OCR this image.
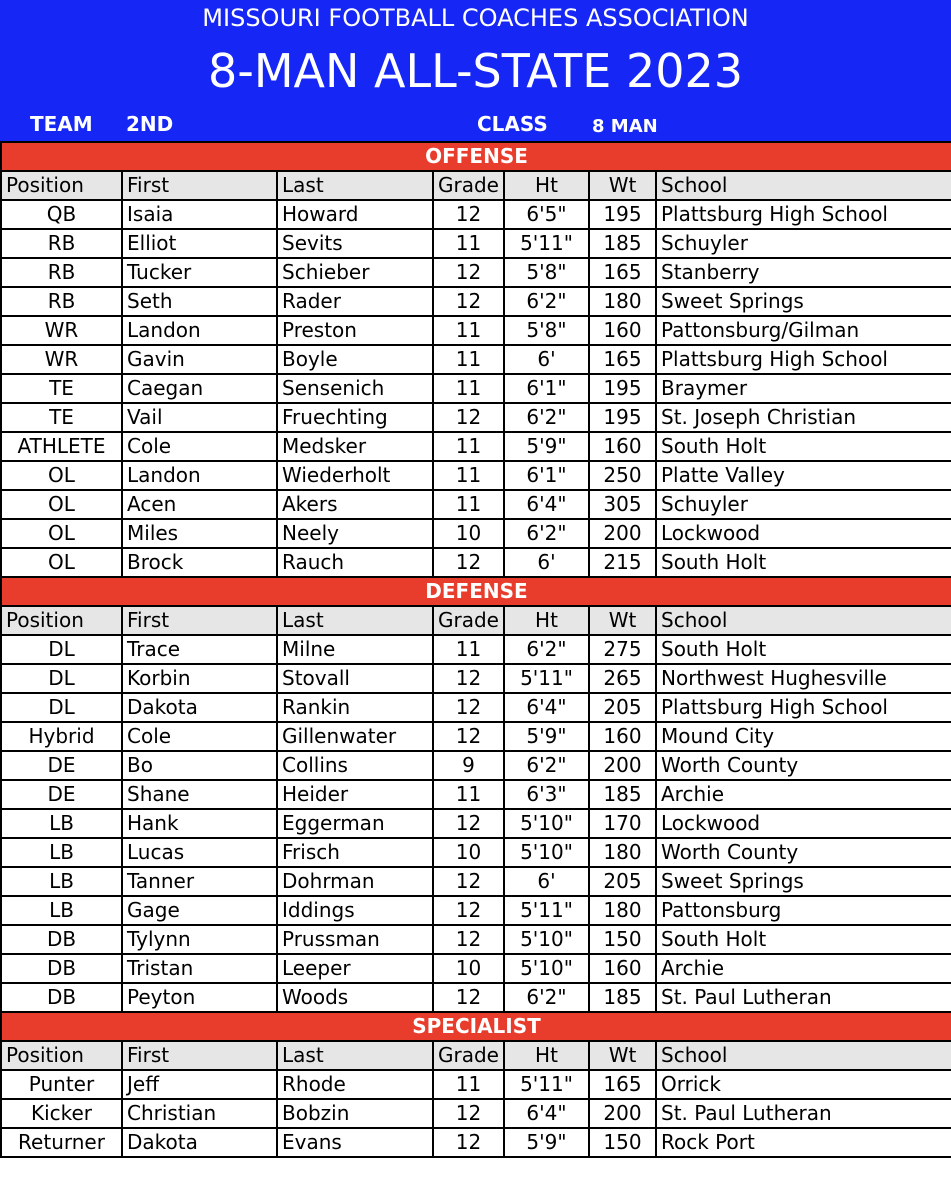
MISSOURI FOOTBALL COACHES ASSOCIATION
8-MAN ALL-STATE 2023
TEAM 2ND	CLASS 8 MAN
OFFENSE						
Position	First	Last	Grade	Ht	Wt	School
QB	Isaia	Howard	12	6'5"	195	Plattsburg High School
RB	Elliot	Sevits	11	5'11"	185	Schuyler
RB	Tucker	Schieber	12	5'8"	165	Stanberry
RB	Seth	Rader	12	6'2"	180	Sweet Springs
WR	Landon	Preston	11	5'8"	160	Pattonsburg/Gilman
WR	Gavin	Boyle	11	6'	165	Plattsburg High School
TE	Caegan	Sensenich	11	6'1"	195	Braymer
TE	Vail	Fruechting	12	6'2"	195	St. Joseph Christian
ATHLETE	Cole	Medsker	11	5'9"	160	South Holt
OL	Landon	Wiederholt	11	6'1"	250	Platte Valley
OL	Acen	Akers	11	6'4"	305	Schuyler
OL	Miles	Neely	10	6'2"	200	Lockwood
OL	Brock	Rauch	12	6'	215	South Holt
DEFENSE						
Position	First	Last	Grade	Ht	Wt	School
DL	Trace	Milne	11	6'2"	275	South Holt
DL	Korbin	Stovall	12	5'11"	265	Northwest Hughesville
DL	Dakota	Rankin	12	6'4"	205	Plattsburg High School
Hybrid	Cole	Gillenwater	12	5'9"	160	Mound City
DE	Bo	Collins	9	6'2"	200	Worth County
DE	Shane	Heider	11	6'3"	185	Archie
LB	Hank	Eggerman	12	5'10"	170	Lockwood
LB	Lucas	Frisch	10	5'10"	180	Worth County
LB	Tanner	Dohrman	12	6'	205	Sweet Springs
LB	Gage	Iddings	12	5'11"	180	Pattonsburg
DB	Tylynn	Prussman	12	5'10"	150	South Holt
DB	Tristan	Leeper	10	5'10"	160	Archie
DB	Peyton	Woods	12	6'2"	185	St. Paul Lutheran
SPECIALIST						
Position	First	Last	Grade	Ht	Wt	School
Punter	Jeff	Rhode	11	5'11"	165	Orrick
Kicker	Christian	Bobzin	12	6'4"	200	St. Paul Lutheran
Returner	Dakota	Evans	12	5'9"	150	Rock Port
